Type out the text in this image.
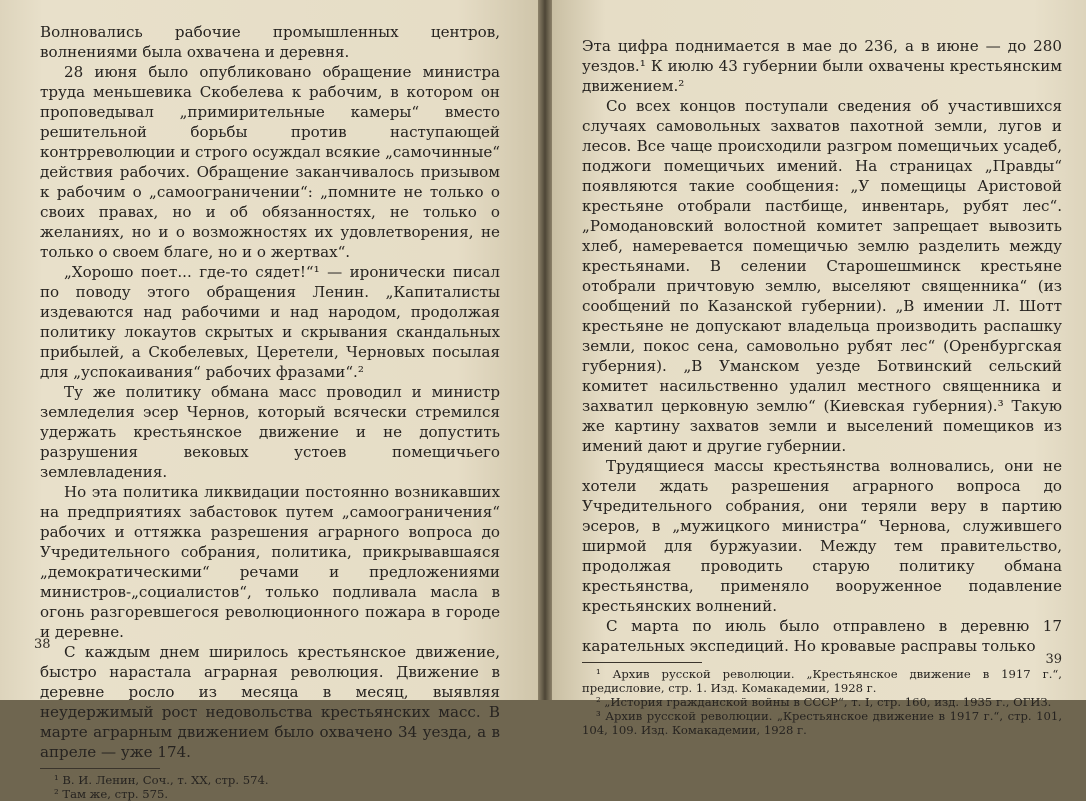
Волновались рабочие промышленных центров, волнениями была охвачена и деревня.

28 июня было опубликовано обращение министра труда меньшевика Скобелева к рабочим, в котором он проповедывал „примирительные камеры“ вместо решительной борьбы против наступающей контрреволюции и строго осуждал всякие „самочинные“ действия рабочих. Обращение заканчивалось призывом к рабочим о „самоограничении“: „помните не только о своих правах, но и об обязанностях, не только о желаниях, но и о возможностях их удовлетворения, не только о своем благе, но и о жертвах“.

„Хорошо поет... где-то сядет!“¹ — иронически писал по поводу этого обращения Ленин. „Капиталисты издеваются над рабочими и над народом, продолжая политику локаутов скрытых и скрывания скандальных прибылей, а Скобелевых, Церетели, Черновых посылая для „успокаивания“ рабочих фразами“.²

Ту же политику обмана масс проводил и министр земледелия эсер Чернов, который всячески стремился удержать крестьянское движение и не допустить разрушения вековых устоев помещичьего землевладения.

Но эта политика ликвидации постоянно возникавших на предприятиях забастовок путем „самоограничения“ рабочих и оттяжка разрешения аграрного вопроса до Учредительного собрания, политика, прикрывавшаяся „демократическими“ речами и предложениями министров-„социалистов“, только подливала масла в огонь разгоревшегося революционного пожара в городе и деревне.

С каждым днем ширилось крестьянское движение, быстро нарастала аграрная революция. Движение в деревне росло из месяца в месяц, выявляя неудержимый рост недовольства крестьянских масс. В марте аграрным движением было охвачено 34 уезда, а в апреле — уже 174.

¹ В. И. Ленин, Соч., т. XX, стр. 574.

² Там же, стр. 575.

38

Эта цифра поднимается в мае до 236, а в июне — до 280 уездов.¹ К июлю 43 губернии были охвачены крестьянским движением.²

Со всех концов поступали сведения об участившихся случаях самовольных захватов пахотной земли, лугов и лесов. Все чаще происходили разгром помещичьих усадеб, поджоги помещичьих имений. На страницах „Правды“ появляются такие сообщения: „У помещицы Аристовой крестьяне отобрали пастбище, инвентарь, рубят лес“. „Ромодановский волостной комитет запрещает вывозить хлеб, намеревается помещичью землю разделить между крестьянами. В селении Старошешминск крестьяне отобрали причтовую землю, выселяют священника“ (из сообщений по Казанской губернии). „В имении Л. Шотт крестьяне не допускают владельца производить распашку земли, покос сена, самовольно рубят лес“ (Оренбургская губерния). „В Уманском уезде Ботвинский сельский комитет насильственно удалил местного священника и захватил церковную землю“ (Киевская губерния).³ Такую же картину захватов земли и выселений помещиков из имений дают и другие губернии.

Трудящиеся массы крестьянства волновались, они не хотели ждать разрешения аграрного вопроса до Учредительного собрания, они теряли веру в партию эсеров, в „мужицкого министра“ Чернова, служившего ширмой для буржуазии. Между тем правительство, продолжая проводить старую политику обмана крестьянства, применяло вооруженное подавление крестьянских волнений.

С марта по июль было отправлено в деревню 17 карательных экспедиций. Но кровавые расправы только

¹ Архив русской революции. „Крестьянское движение в 1917 г.“, предисловие, стр. 1. Изд. Комакадемии, 1928 г.

² „История гражданской войны в СССР“, т. I, стр. 160, изд. 1935 г., ОГИЗ.

³ Архив русской революции. „Крестьянское движение в 1917 г.“, стр. 101, 104, 109. Изд. Комакадемии, 1928 г.

39
